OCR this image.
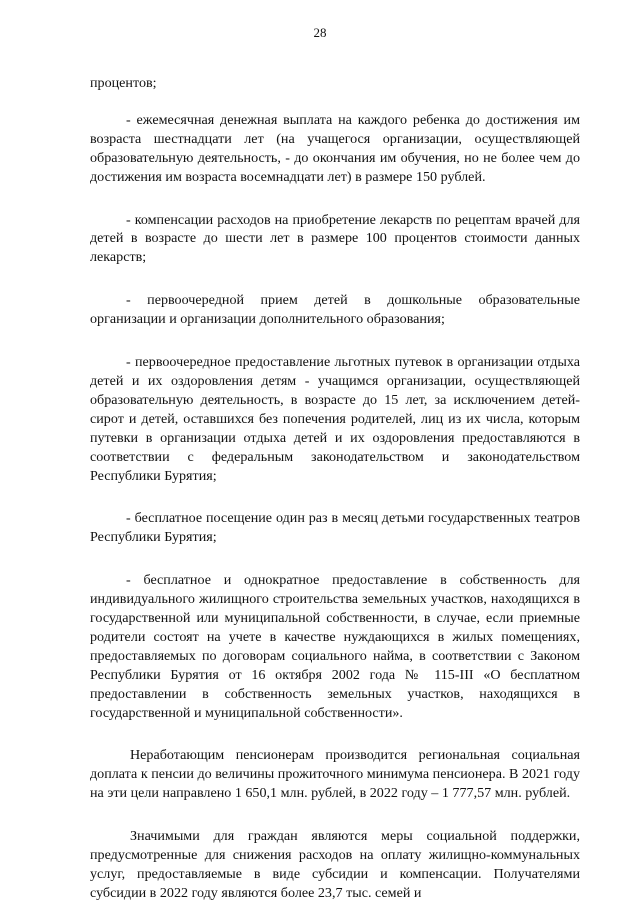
28

процентов;

- ежемесячная денежная выплата на каждого ребенка до достижения им возраста шестнадцати лет (на учащегося организации, осуществляющей образовательную деятельность, - до окончания им обучения, но не более чем до достижения им возраста восемнадцати лет) в размере 150 рублей.

- компенсации расходов на приобретение лекарств по рецептам врачей для детей в возрасте до шести лет в размере 100 процентов стоимости данных лекарств;

- первоочередной прием детей в дошкольные образовательные организации и организации дополнительного образования;

- первоочередное предоставление льготных путевок в организации отдыха детей и их оздоровления детям - учащимся организации, осуществляющей образовательную деятельность, в возрасте до 15 лет, за исключением детей-сирот и детей, оставшихся без попечения родителей, лиц из их числа, которым путевки в организации отдыха детей и их оздоровления предоставляются в соответствии с федеральным законодательством и законодательством Республики Бурятия;

- бесплатное посещение один раз в месяц детьми государственных театров Республики Бурятия;

- бесплатное и однократное предоставление в собственность для индивидуального жилищного строительства земельных участков, находящихся в государственной или муниципальной собственности, в случае, если приемные родители состоят на учете в качестве нуждающихся в жилых помещениях, предоставляемых по договорам социального найма, в соответствии с Законом Республики Бурятия от 16 октября 2002 года № 115-III «О бесплатном предоставлении в собственность земельных участков, находящихся в государственной и муниципальной собственности».

Неработающим пенсионерам производится региональная социальная доплата к пенсии до величины прожиточного минимума пенсионера. В 2021 году на эти цели направлено 1 650,1 млн. рублей, в 2022 году – 1 777,57 млн. рублей.

Значимыми для граждан являются меры социальной поддержки, предусмотренные для снижения расходов на оплату жилищно-коммунальных услуг, предоставляемые в виде субсидии и компенсации. Получателями субсидии в 2022 году являются более 23,7 тыс. семей и
